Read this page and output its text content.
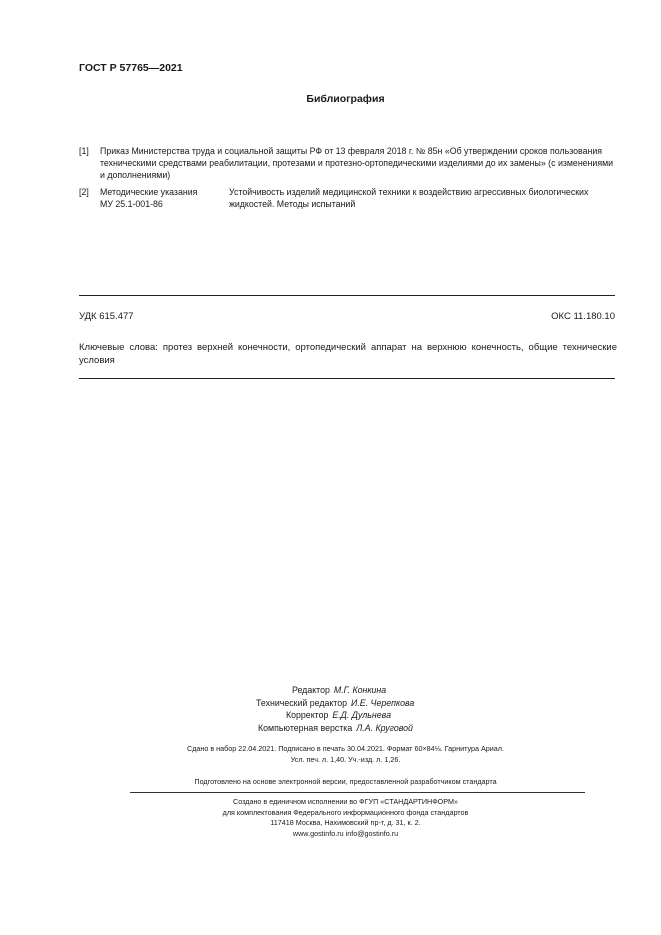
ГОСТ Р 57765—2021
Библиография
[1] Приказ Министерства труда и социальной защиты РФ от 13 февраля 2018 г. № 85н «Об утверждении сроков пользования техническими средствами реабилитации, протезами и протезно-ортопедическими изделиями до их замены» (с изменениями и дополнениями)
[2] Методические указания
МУ 25.1-001-86
Устойчивость изделий медицинской техники к воздействию агрессивных биологических жидкостей. Методы испытаний
УДК 615.477	ОКС 11.180.10
Ключевые слова: протез верхней конечности, ортопедический аппарат на верхнюю конечность, общие технические условия
Редактор М.Г. Конкина
Технический редактор И.Е. Черепкова
Корректор Е.Д. Дульнева
Компьютерная верстка Л.А. Круговой
Сдано в набор 22.04.2021. Подписано в печать 30.04.2021. Формат 60×84⅛. Гарнитура Ариал.
Усл. печ. л. 1,40. Уч.-изд. л. 1,26.
Подготовлено на основе электронной версии, предоставленной разработчиком стандарта
Создано в единичном исполнении во ФГУП «СТАНДАРТИНФОРМ»
для комплектования Федерального информационного фонда стандартов
117418 Москва, Нахимовский пр-т, д. 31, к. 2.
www.gostinfo.ru info@gostinfo.ru
